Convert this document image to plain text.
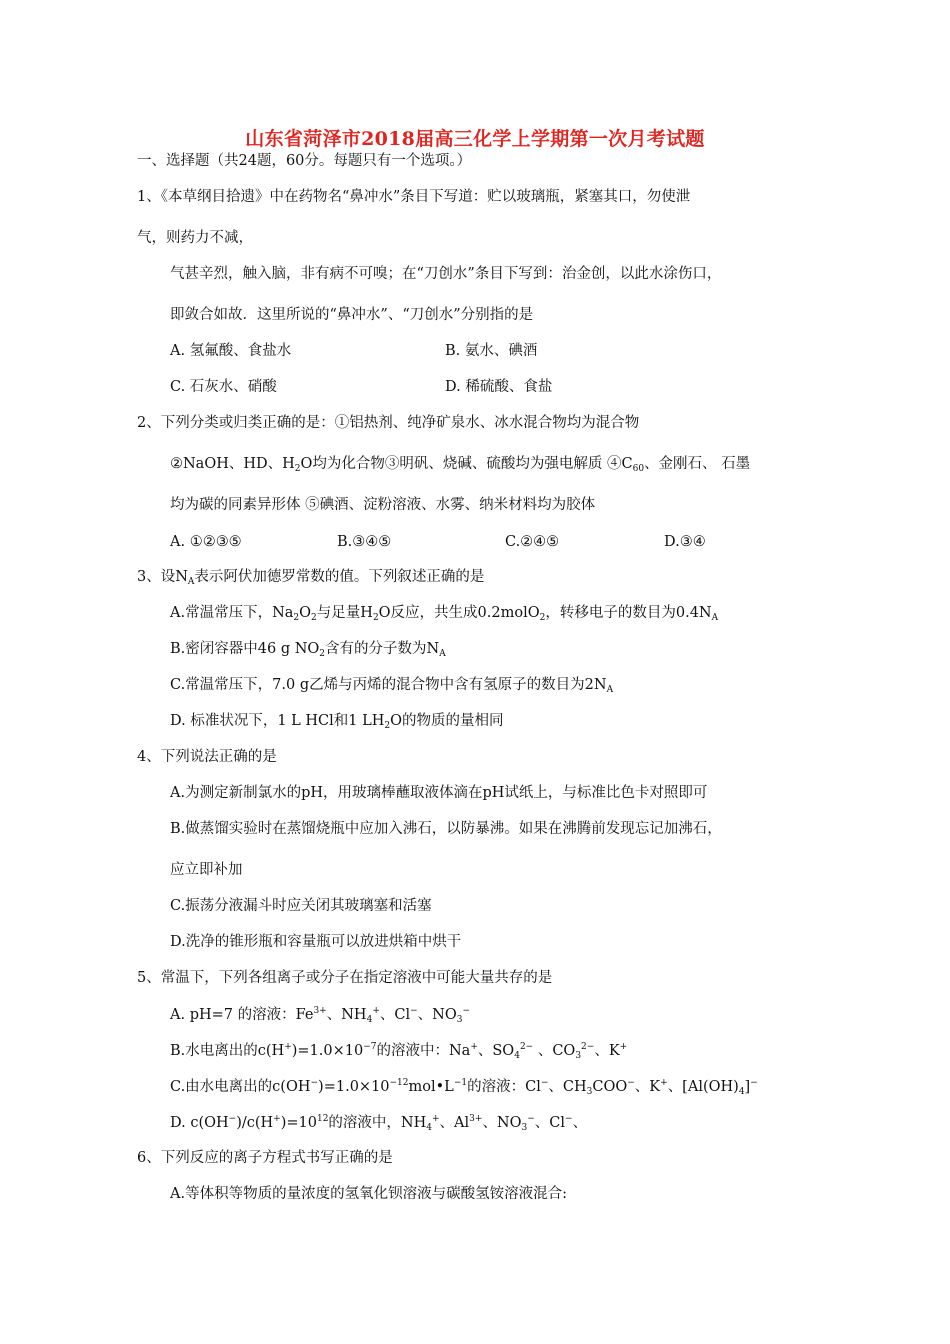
山东省菏泽市2018届高三化学上学期第一次月考试题
一、选择题（共24题，60分。每题只有一个选项。）
1、《本草纲目拾遗》中在药物名“鼻冲水”条目下写道：贮以玻璃瓶，紧塞其口，勿使泄
气，则药力不减，
气甚辛烈，触入脑，非有病不可嗅；在“刀创水”条目下写到：治金创，以此水涂伤口，
即敛合如故．这里所说的“鼻冲水”、“刀创水”分别指的是
A. 氢氟酸、食盐水	B. 氨水、碘酒
C. 石灰水、硝酸	D. 稀硫酸、食盐
2、下列分类或归类正确的是：①铝热剂、纯净矿泉水、冰水混合物均为混合物
②NaOH、HD、$H_2O$均为化合物③明矾、烧碱、硫酸均为强电解质 $④C_{60}$、金刚石、 石墨
均为碳的同素异形体 ⑤碘酒、淀粉溶液、水雾、纳米材料均为胶体
A. ①②③⑤	B.③④⑤	C.②④⑤	D.③④
3、设$N_A$表示阿伏加德罗常数的值。下列叙述正确的是
A.常温常压下，$Na_2O_2$与足量$H_2O$反应，共生成0.2molO$_2$，转移电子的数目为$0.4N_A$
B.密闭容器中46 g $NO_2$含有的分子数为$N_A$
C.常温常压下，7.0 g乙烯与丙烯的混合物中含有氢原子的数目为$2N_A$
D. 标准状况下，1 L HCl和1 $LH_2O$的物质的量相同
4、下列说法正确的是
A.为测定新制氯水的pH，用玻璃棒蘸取液体滴在pH试纸上，与标准比色卡对照即可
B.做蒸馏实验时在蒸馏烧瓶中应加入沸石，以防暴沸。如果在沸腾前发现忘记加沸石，
应立即补加
C.振荡分液漏斗时应关闭其玻璃塞和活塞
D.洗净的锥形瓶和容量瓶可以放进烘箱中烘干
5、常温下，下列各组离子或分子在指定溶液中可能大量共存的是
A. pH=7 的溶液：$Fe^{3+}$、$NH_4^+$、Cl−、$NO_3^-$
B.水电离出的$c(H^+)=1.0\times 10^{-7}$的溶液中：Na+、$SO_4^{2-}$ 、$CO_3^{2-}$、K+
C.由水电离出的$c(OH^-)=1.0\times 10^{-12}mol•L^{-1}$的溶液：Cl−、$CH_3COO^-$、K+、$[Al(OH)_4]^-$
D. $c(OH^-)/c(H^+)=10^{12}$的溶液中，$NH_4^+$、$Al^{3+}$、$NO_3^-$、Cl−、
6、下列反应的离子方程式书写正确的是
A.等体积等物质的量浓度的氢氧化钡溶液与碳酸氢铵溶液混合:
